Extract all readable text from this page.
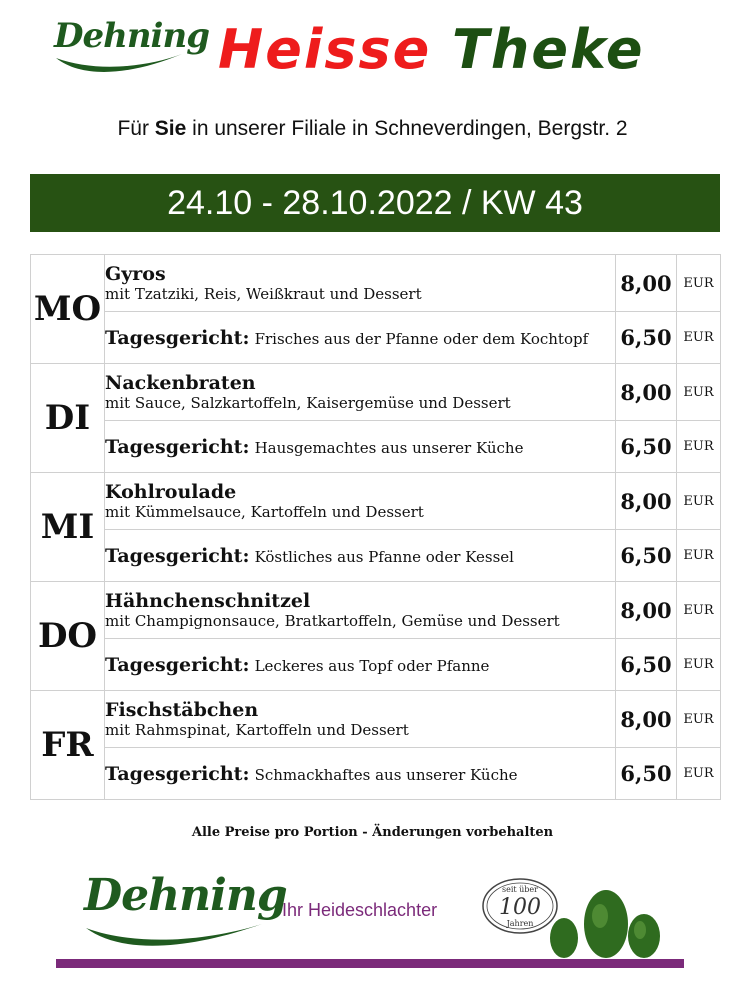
Dehning Heisse Theke
Für Sie in unserer Filiale in Schneverdingen, Bergstr. 2
24.10 - 28.10.2022 / KW 43
MO	Gyros
mit Tzatziki, Reis, Weißkraut und Dessert	8,00	EUR
	Tagesgericht: Frisches aus der Pfanne oder dem Kochtopf	6,50	EUR
DI	Nackenbraten
mit Sauce, Salzkartoffeln, Kaisergemüse und Dessert	8,00	EUR
	Tagesgericht: Hausgemachtes aus unserer Küche	6,50	EUR
MI	Kohlroulade
mit Kümmelsauce, Kartoffeln und Dessert	8,00	EUR
	Tagesgericht: Köstliches aus Pfanne oder Kessel	6,50	EUR
DO	Hähnchenschnitzel
mit Champignonsauce, Bratkartoffeln, Gemüse und Dessert	8,00	EUR
	Tagesgericht: Leckeres aus Topf oder Pfanne	6,50	EUR
FR	Fischstäbchen
mit Rahmspinat, Kartoffeln und Dessert	8,00	EUR
	Tagesgericht: Schmackhaftes aus unserer Küche	6,50	EUR
Alle Preise pro Portion - Änderungen vorbehalten
Dehning
Ihr Heideschlachter
seit über
100
Jahren
